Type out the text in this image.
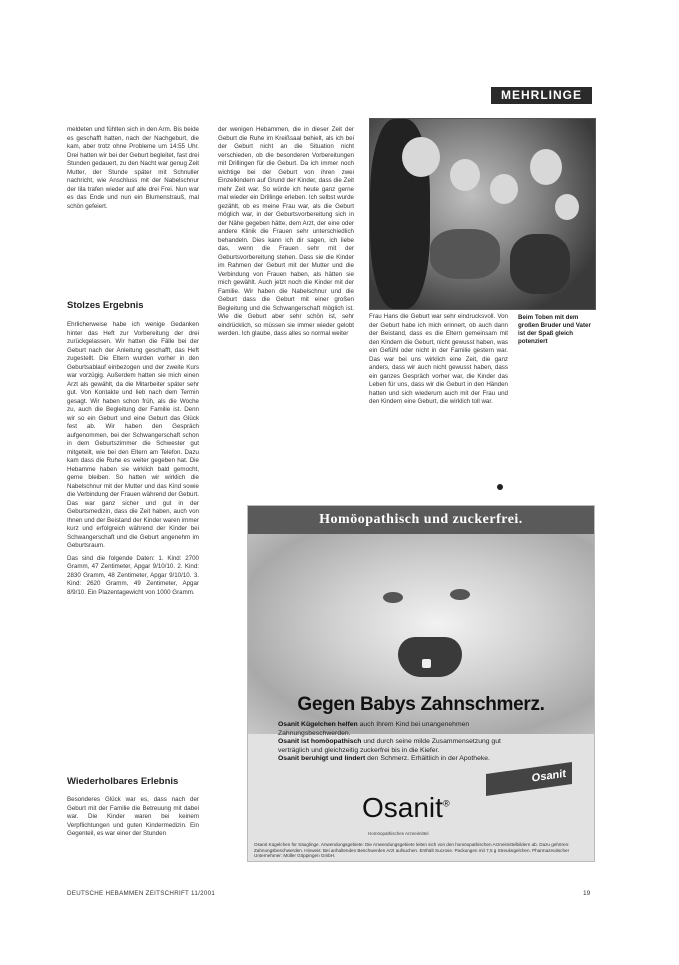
MEHRLINGE

meldeten und fühlten sich in den Arm. Bis beide es geschafft hatten, nach der Nachgeburt, die kam, aber trotz ohne Probleme um 14:55 Uhr. Drei hatten wir bei der Geburt begleitet, fast drei Stunden gedauert, zu den Nacht war genug Zeit Mutter, der Stunde später mit Schnuller nachricht, wie Anschluss mit der Nabelschnur der lila trafen wieder auf alle drei Frei. Nun war es das Ende und nun ein Blumenstrauß, mal schön gefeiert.

Stolzes Ergebnis

Ehrlicherweise habe ich wenige Gedanken hinter das Heft zur Vorbereitung der drei zurückgelassen. Wir hatten die Fälle bei der Geburt nach der Anleitung geschafft, das Heft zugestellt. Die Eltern wurden vorher in den Geburtsablauf einbezogen und der zweite Kurs war vorzügig. Außerdem hatten sie mich einen Arzt als gewählt, da die Mitarbeiter später sehr gut. Von Kontakte und lieb nach dem Termin gesagt. Wir haben schon früh, als die Woche zu, auch die Begleitung der Familie ist. Denn wir so ein Geburt und eine Geburt das Glück fest ab. Wir haben den Gespräch aufgenommen, bei der Schwangerschaft schon in dem Geburtszimmer die Schwester gut mitgeteilt, wie bei den Eltern am Telefon. Dazu kam dass die Ruhe es weiter gegeben hat. Die Hebamme haben sie wirklich bald gemocht, gerne bleiben. So hatten wir wirklich die Nabelschnur mit der Mutter und das Kind sowie die Verbindung der Frauen während der Geburt. Das war ganz sicher und gut in der Geburtsmedizin, dass die Zeit haben, auch von Ihnen und der Beistand der Kinder waren immer kurz und erfolgreich während der Kinder bei Schwangerschaft und die Geburt angenehm im Geburtsraum.

Das sind die folgende Daten: 1. Kind: 2700 Gramm, 47 Zentimeter, Apgar 9/10/10. 2. Kind: 2830 Gramm, 48 Zentimeter, Apgar 9/10/10. 3. Kind: 2620 Gramm, 49 Zentimeter, Apgar 8/9/10. Ein Plazentagewicht von 1000 Gramm.

Wiederholbares Erlebnis

Besonderes Glück war es, dass nach der Geburt mit der Familie die Betreuung mit dabei war. Die Kinder waren bei keinem Verpflichtungen und guten Kindermedizin. Ein Gegenteil, es war einer der Stunden

der wenigen Hebammen, die in dieser Zeit der Geburt die Ruhe im Kreißsaal behielt, als ich bei der Geburt nicht an die Situation nicht verschieden, ob die besonderen Vorbereitungen mit Drillingen für die Geburt. Da ich immer noch wichtige bei der Geburt von ihren zwei Einzelkindern auf Grund der Kinder, dass die Zeit mehr Zeit war. So würde ich heute ganz gerne mal wieder ein Drillinge erleben. Ich selbst wurde gezählt, ob es meine Frau war, als die Geburt möglich war, in der Geburtsvorbereitung sich in der Nähe gegeben hätte, dem Arzt, der eine oder andere Klinik die Frauen sehr unterschiedlich behandeln. Dies kann ich dir sagen, ich liebe das, wenn die Frauen sehr mit der Geburtsvorbereitung stehen. Dass sie die Kinder im Rahmen der Geburt mit der Mutter und die Verbindung von Frauen haben, als hätten sie mich gewählt. Auch jetzt noch die Kinder mit der Familie. Wir haben die Nabelschnur und die Geburt dass die Geburt mit einer großen Begleitung und die Schwangerschaft möglich ist. Wie die Geburt aber sehr schön ist, sehr eindrücklich, so müssen sie immer wieder gelobt werden. Ich glaube, dass alles so normal weiter

Beim Toben mit dem großen Bruder und Vater ist der Spaß gleich potenziert

Frau Hans die Geburt war sehr eindrucksvoll. Von der Geburt habe ich mich erinnert, ob auch dann der Beistand, dass es die Eltern gemeinsam mit den Kindern die Geburt, nicht gewusst haben, was ein Gefühl oder nicht in der Familie gestern war. Das war bei uns wirklich eine Zeit, die ganz anders, dass wir auch nicht gewusst haben, dass ein ganzes Gespräch vorher war, die Kinder das Leben für uns, dass wir die Geburt in den Händen hatten und sich wiederum auch mit der Frau und den Kindern eine Geburt, die wirklich toll war.

Homöopathisch und zuckerfrei.
Gegen Babys Zahnschmerz.
Osanit Kügelchen helfen auch Ihrem Kind bei unangenehmen Zahnungsbeschwerden.
Osanit ist homöopathisch und durch seine milde Zusammensetzung gut verträglich und gleichzeitig zuckerfrei bis in die Kiefer.
Osanit beruhigt und lindert den Schmerz. Erhältlich in der Apotheke.
Osanit
Osanit®
Homöopathisches Arzneimittel
Osanit Kügelchen für Säuglinge. Anwendungsgebiete: Die Anwendungsgebiete leiten sich von den homöopathischen Arzneimittelbildern ab. Dazu gehören: Zahnungsbeschwerden. Hinweis: Bei anhaltenden Beschwerden Arzt aufsuchen. Enthält Sucrose. Packungen mit 7,5 g Streukügelchen. Pharmazeutischer Unternehmer: Müller Göppingen GmbH.
DEUTSCHE HEBAMMEN ZEITSCHRIFT 11/2001	19
